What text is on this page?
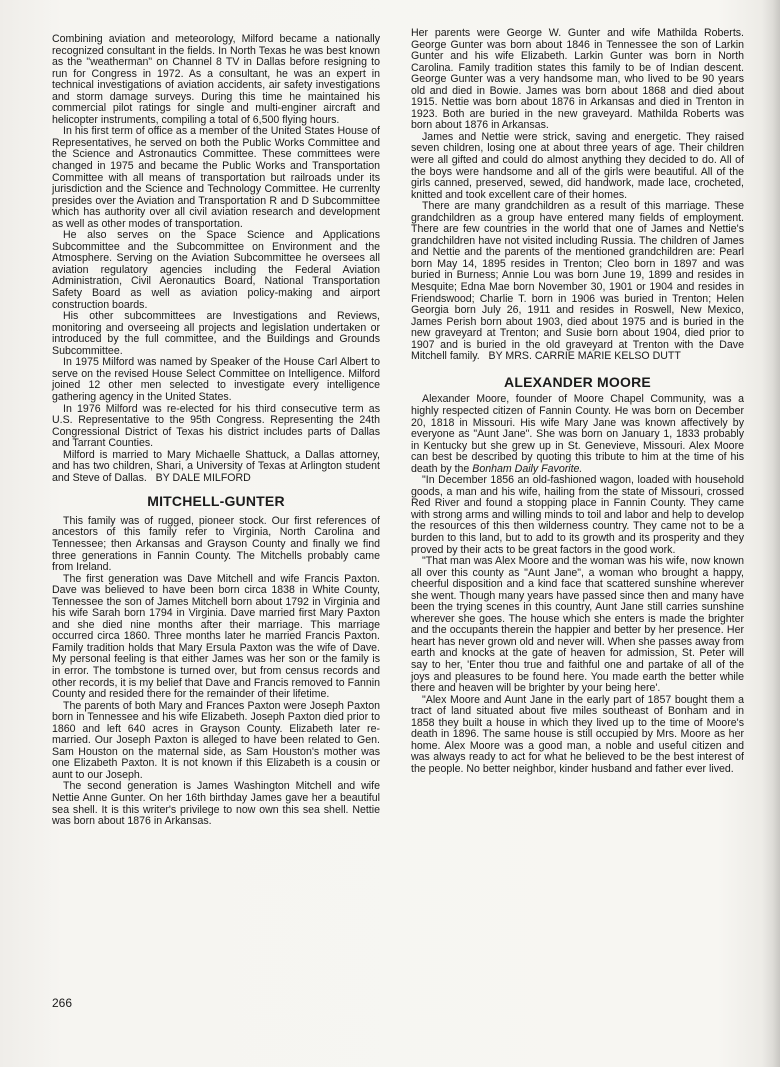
Combining aviation and meteorology, Milford became a nationally recognized consultant in the fields. In North Texas he was best known as the "weatherman" on Channel 8 TV in Dallas before resigning to run for Congress in 1972. As a consultant, he was an expert in technical investigations of aviation accidents, air safety investigations and storm damage surveys. During this time he maintained his commercial pilot ratings for single and multi-enginer aircraft and helicopter instruments, compiling a total of 6,500 flying hours.

In his first term of office as a member of the United States House of Representatives, he served on both the Public Works Committee and the Science and Astronautics Committee. These committees were changed in 1975 and became the Public Works and Transportation Committee with all means of transportation but railroads under its jurisdiction and the Science and Technology Committee. He currenlty presides over the Aviation and Transportation R and D Subcommittee which has authority over all civil aviation research and development as well as other modes of transportation.

He also serves on the Space Science and Applications Subcommittee and the Subcommittee on Environment and the Atmosphere. Serving on the Aviation Subcommittee he oversees all aviation regulatory agencies including the Federal Aviation Administration, Civil Aeronautics Board, National Transportation Safety Board as well as aviation policy-making and airport construction boards.

His other subcommittees are Investigations and Reviews, monitoring and overseeing all projects and legislation undertaken or introduced by the full committee, and the Buildings and Grounds Subcommittee.

In 1975 Milford was named by Speaker of the House Carl Albert to serve on the revised House Select Committee on Intelligence. Milford joined 12 other men selected to investigate every intelligence gathering agency in the United States.

In 1976 Milford was re-elected for his third consecutive term as U.S. Representative to the 95th Congress. Representing the 24th Congressional District of Texas his district includes parts of Dallas and Tarrant Counties.

Milford is married to Mary Michaelle Shattuck, a Dallas attorney, and has two children, Shari, a University of Texas at Arlington student and Steve of Dallas. BY DALE MILFORD

MITCHELL-GUNTER

This family was of rugged, pioneer stock. Our first references of ancestors of this family refer to Virginia, North Carolina and Tennessee; then Arkansas and Grayson County and finally we find three generations in Fannin County. The Mitchells probably came from Ireland.

The first generation was Dave Mitchell and wife Francis Paxton. Dave was believed to have been born circa 1838 in White County, Tennessee the son of James Mitchell born about 1792 in Virginia and his wife Sarah born 1794 in Virginia. Dave married first Mary Paxton and she died nine months after their marriage. This marriage occurred circa 1860. Three months later he married Francis Paxton. Family tradition holds that Mary Ersula Paxton was the wife of Dave. My personal feeling is that either James was her son or the family is in error. The tombstone is turned over, but from census records and other records, it is my belief that Dave and Francis removed to Fannin County and resided there for the remainder of their lifetime.

The parents of both Mary and Frances Paxton were Joseph Paxton born in Tennessee and his wife Elizabeth. Joseph Paxton died prior to 1860 and left 640 acres in Grayson County. Elizabeth later re-married. Our Joseph Paxton is alleged to have been related to Gen. Sam Houston on the maternal side, as Sam Houston's mother was one Elizabeth Paxton. It is not known if this Elizabeth is a cousin or aunt to our Joseph.

The second generation is James Washington Mitchell and wife Nettie Anne Gunter. On her 16th birthday James gave her a beautiful sea shell. It is this writer's privilege to now own this sea shell. Nettie was born about 1876 in Arkansas.

Her parents were George W. Gunter and wife Mathilda Roberts. George Gunter was born about 1846 in Tennessee the son of Larkin Gunter and his wife Elizabeth. Larkin Gunter was born in North Carolina. Family tradition states this family to be of Indian descent. George Gunter was a very handsome man, who lived to be 90 years old and died in Bowie. James was born about 1868 and died about 1915. Nettie was born about 1876 in Arkansas and died in Trenton in 1923. Both are buried in the new graveyard. Mathilda Roberts was born about 1876 in Arkansas.

James and Nettie were strick, saving and energetic. They raised seven children, losing one at about three years of age. Their children were all gifted and could do almost anything they decided to do. All of the boys were handsome and all of the girls were beautiful. All of the girls canned, preserved, sewed, did handwork, made lace, crocheted, knitted and took excellent care of their homes.

There are many grandchildren as a result of this marriage. These grandchildren as a group have entered many fields of employment. There are few countries in the world that one of James and Nettie's grandchildren have not visited including Russia. The children of James and Nettie and the parents of the mentioned grandchildren are: Pearl born May 14, 1895 resides in Trenton; Cleo born in 1897 and was buried in Burness; Annie Lou was born June 19, 1899 and resides in Mesquite; Edna Mae born November 30, 1901 or 1904 and resides in Friendswood; Charlie T. born in 1906 was buried in Trenton; Helen Georgia born July 26, 1911 and resides in Roswell, New Mexico, James Perish born about 1903, died about 1975 and is buried in the new graveyard at Trenton; and Susie born about 1904, died prior to 1907 and is buried in the old graveyard at Trenton with the Dave Mitchell family. BY MRS. CARRIE MARIE KELSO DUTT

ALEXANDER MOORE

Alexander Moore, founder of Moore Chapel Community, was a highly respected citizen of Fannin County. He was born on December 20, 1818 in Missouri. His wife Mary Jane was known affectively by everyone as "Aunt Jane". She was born on January 1, 1833 probably in Kentucky but she grew up in St. Genevieve, Missouri. Alex Moore can best be described by quoting this tribute to him at the time of his death by the Bonham Daily Favorite.

"In December 1856 an old-fashioned wagon, loaded with household goods, a man and his wife, hailing from the state of Missouri, crossed Red River and found a stopping place in Fannin County. They came with strong arms and willing minds to toil and labor and help to develop the resources of this then wilderness country. They came not to be a burden to this land, but to add to its growth and its prosperity and they proved by their acts to be great factors in the good work.

"That man was Alex Moore and the woman was his wife, now known all over this county as "Aunt Jane", a woman who brought a happy, cheerful disposition and a kind face that scattered sunshine wherever she went. Though many years have passed since then and many have been the trying scenes in this country, Aunt Jane still carries sunshine wherever she goes. The house which she enters is made the brighter and the occupants therein the happier and better by her presence. Her heart has never grown old and never will. When she passes away from earth and knocks at the gate of heaven for admission, St. Peter will say to her, 'Enter thou true and faithful one and partake of all of the joys and pleasures to be found here. You made earth the better while there and heaven will be brighter by your being here'.

"Alex Moore and Aunt Jane in the early part of 1857 bought them a tract of land situated about five miles southeast of Bonham and in 1858 they built a house in which they lived up to the time of Moore's death in 1896. The same house is still occupied by Mrs. Moore as her home. Alex Moore was a good man, a noble and useful citizen and was always ready to act for what he believed to be the best interest of the people. No better neighbor, kinder husband and father ever lived.

266
